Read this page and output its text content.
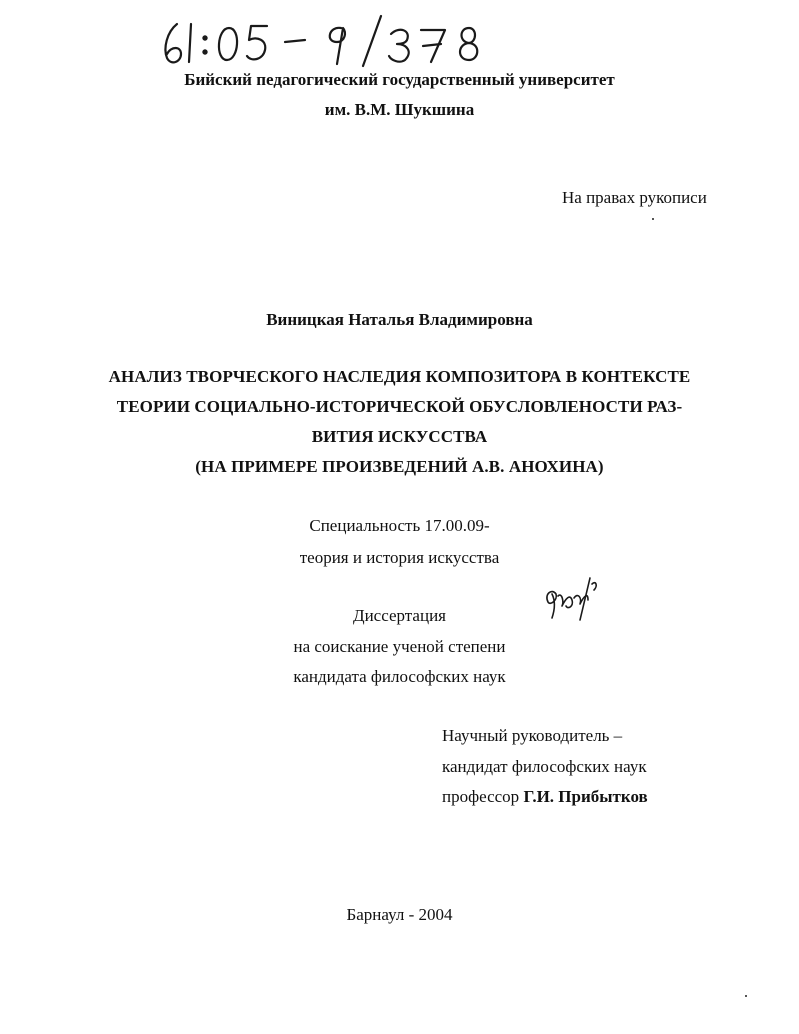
Бийский педагогический государственный университет
им. В.М. Шукшина
На правах рукописи
Виницкая Наталья Владимировна
АНАЛИЗ ТВОРЧЕСКОГО НАСЛЕДИЯ КОМПОЗИТОРА В КОНТЕКСТЕ
ТЕОРИИ СОЦИАЛЬНО-ИСТОРИЧЕСКОЙ ОБУСЛОВЛЕНОСТИ РАЗ-
ВИТИЯ ИСКУССТВА
(НА ПРИМЕРЕ ПРОИЗВЕДЕНИЙ А.В. АНОХИНА)
Специальность 17.00.09-
теория и история искусства
Диссертация
на соискание ученой степени
кандидата философских наук
Научный руководитель –
кандидат философских наук
профессор Г.И. Прибытков
Барнаул - 2004
